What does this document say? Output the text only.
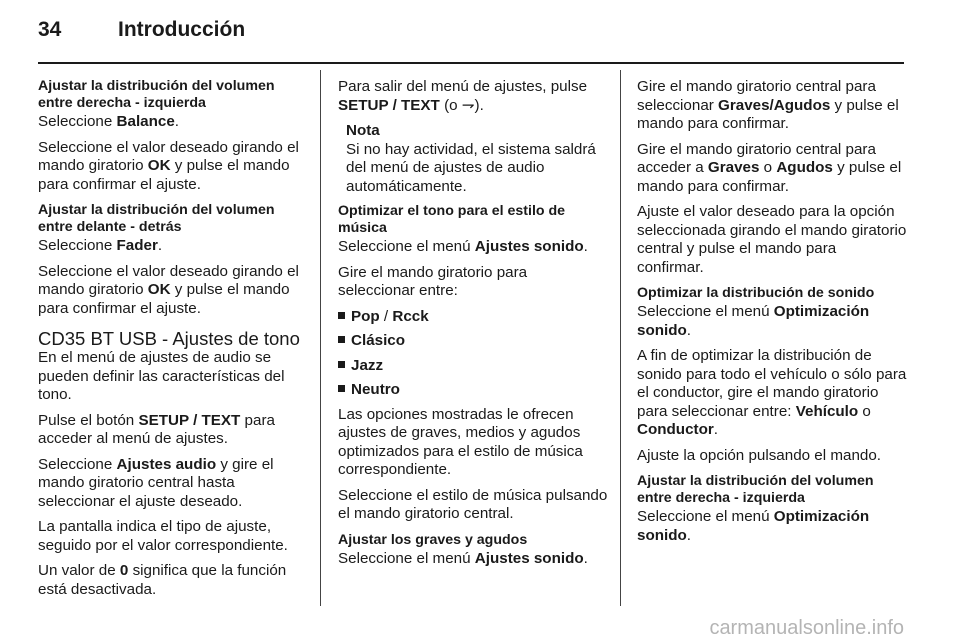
34	Introducción
Ajustar la distribución del volumen entre derecha - izquierda

Seleccione Balance.

Seleccione el valor deseado girando el mando giratorio OK y pulse el mando para confirmar el ajuste.

Ajustar la distribución del volumen entre delante - detrás

Seleccione Fader.

Seleccione el valor deseado girando el mando giratorio OK y pulse el mando para confirmar el ajuste.

CD35 BT USB - Ajustes de tono

En el menú de ajustes de audio se pueden definir las características del tono.

Pulse el botón SETUP / TEXT para acceder al menú de ajustes.

Seleccione Ajustes audio y gire el mando giratorio central hasta seleccionar el ajuste deseado.

La pantalla indica el tipo de ajuste, seguido por el valor correspondiente.

Un valor de 0 significa que la función está desactivada.

Para salir del menú de ajustes, pulse SETUP / TEXT (o ⇁).

Nota
Si no hay actividad, el sistema saldrá del menú de ajustes de audio automáticamente.
Optimizar el tono para el estilo de música

Seleccione el menú Ajustes sonido.

Gire el mando giratorio para seleccionar entre:

Pop / Rcck
Clásico
Jazz
Neutro

Las opciones mostradas le ofrecen ajustes de graves, medios y agudos optimizados para el estilo de música correspondiente.

Seleccione el estilo de música pulsando el mando giratorio central.

Ajustar los graves y agudos

Seleccione el menú Ajustes sonido.

Gire el mando giratorio central para seleccionar Graves/Agudos y pulse el mando para confirmar.

Gire el mando giratorio central para acceder a Graves o Agudos y pulse el mando para confirmar.

Ajuste el valor deseado para la opción seleccionada girando el mando giratorio central y pulse el mando para confirmar.

Optimizar la distribución de sonido

Seleccione el menú Optimización sonido.

A fin de optimizar la distribución de sonido para todo el vehículo o sólo para el conductor, gire el mando giratorio para seleccionar entre: Vehículo o Conductor.

Ajuste la opción pulsando el mando.

Ajustar la distribución del volumen entre derecha - izquierda

Seleccione el menú Optimización sonido.

carmanualsonline.info
